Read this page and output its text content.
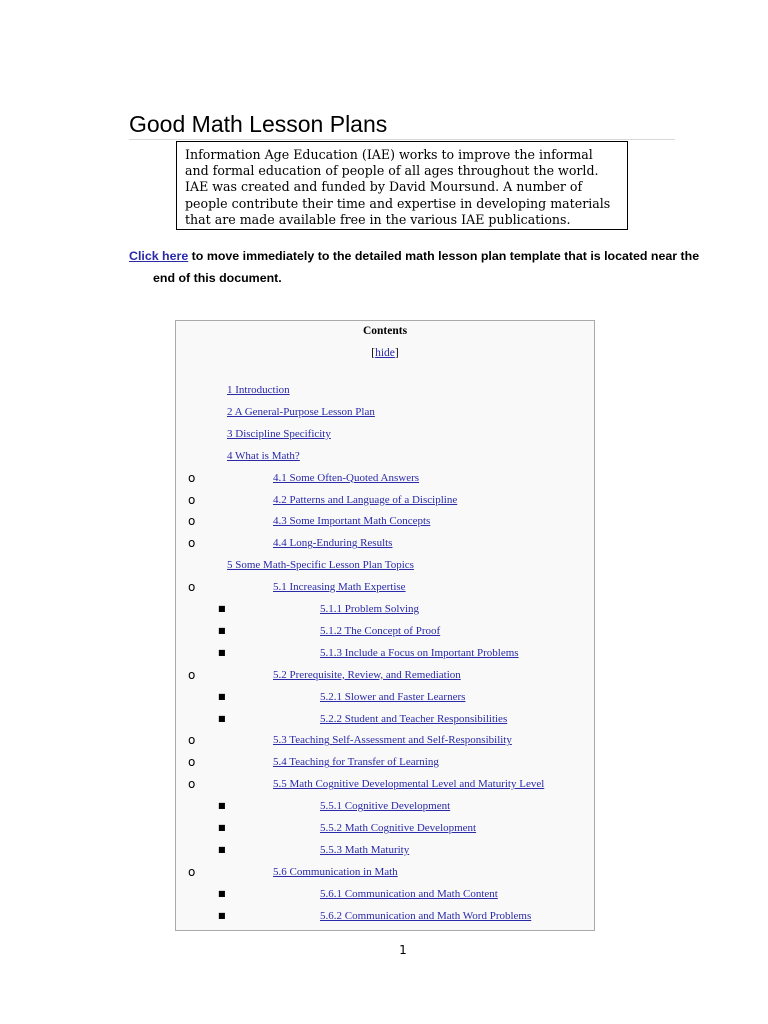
Good Math Lesson Plans
Information Age Education (IAE) works to improve the informal and formal education of people of all ages throughout the world. IAE was created and funded by David Moursund. A number of people contribute their time and expertise in developing materials that are made available free in the various IAE publications.

Click here to move immediately to the detailed math lesson plan template that is located near the end of this document.

Contents
[hide]
1 Introduction
2 A General-Purpose Lesson Plan
3 Discipline Specificity
4 What is Math?
o	4.1 Some Often-Quoted Answers
o	4.2 Patterns and Language of a Discipline
o	4.3 Some Important Math Concepts
o	4.4 Long-Enduring Results
5 Some Math-Specific Lesson Plan Topics
o	5.1 Increasing Math Expertise
■	5.1.1 Problem Solving
■	5.1.2 The Concept of Proof
■	5.1.3 Include a Focus on Important Problems
o	5.2 Prerequisite, Review, and Remediation
■	5.2.1 Slower and Faster Learners
■	5.2.2 Student and Teacher Responsibilities
o	5.3 Teaching Self-Assessment and Self-Responsibility
o	5.4 Teaching for Transfer of Learning
o	5.5 Math Cognitive Developmental Level and Maturity Level
■	5.5.1 Cognitive Development
■	5.5.2 Math Cognitive Development
■	5.5.3 Math Maturity
o	5.6 Communication in Math
■	5.6.1 Communication and Math Content
■	5.6.2 Communication and Math Word Problems
1
